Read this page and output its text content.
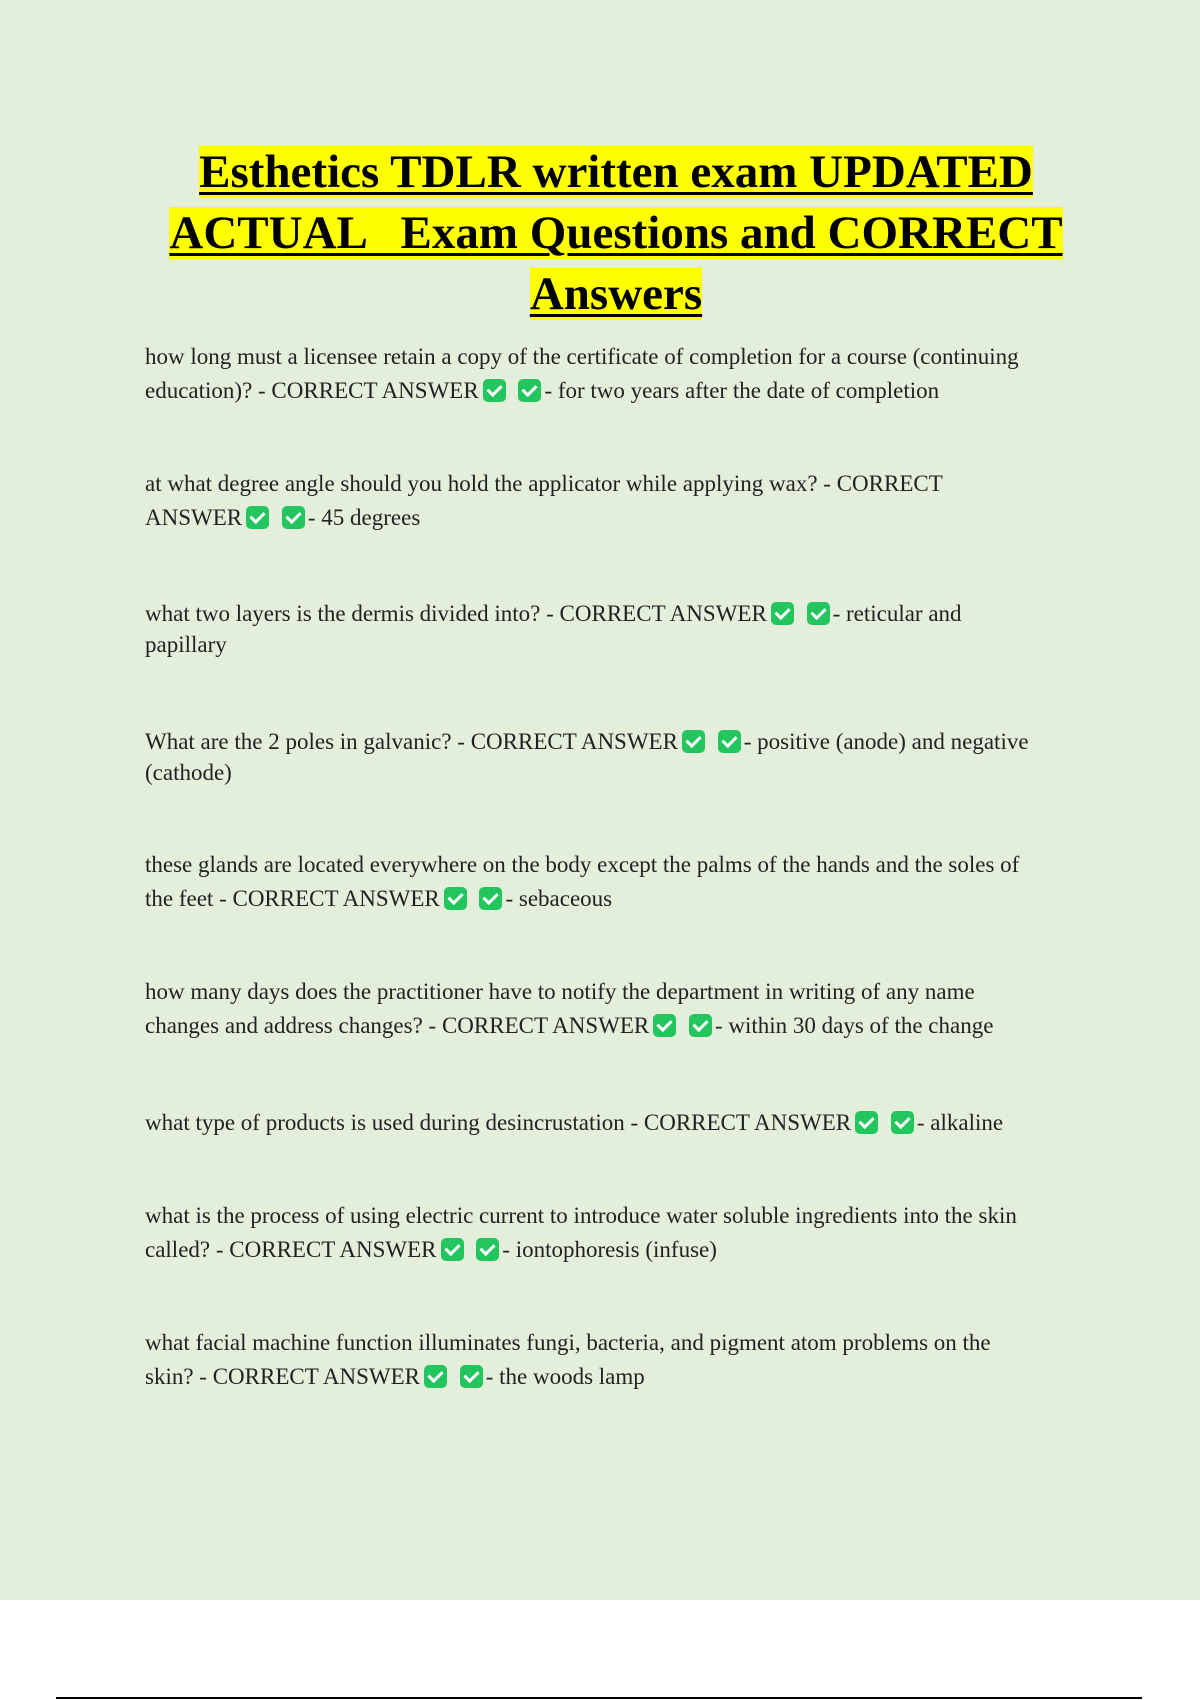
Esthetics TDLR written exam UPDATED
ACTUAL   Exam Questions and CORRECT
Answers

how long must a licensee retain a copy of the certificate of completion for a course (continuing
education)? - CORRECT ANSWER	- for two years after the date of completion

at what degree angle should you hold the applicator while applying wax? - CORRECT
ANSWER	- 45 degrees

what two layers is the dermis divided into? - CORRECT ANSWER	- reticular and
papillary

What are the 2 poles in galvanic? - CORRECT ANSWER	- positive (anode) and negative
(cathode)

these glands are located everywhere on the body except the palms of the hands and the soles of
the feet - CORRECT ANSWER	- sebaceous

how many days does the practitioner have to notify the department in writing of any name
changes and address changes? - CORRECT ANSWER	- within 30 days of the change

what type of products is used during desincrustation - CORRECT ANSWER	- alkaline

what is the process of using electric current to introduce water soluble ingredients into the skin
called? - CORRECT ANSWER	- iontophoresis (infuse)

what facial machine function illuminates fungi, bacteria, and pigment atom problems on the
skin? - CORRECT ANSWER	- the woods lamp
